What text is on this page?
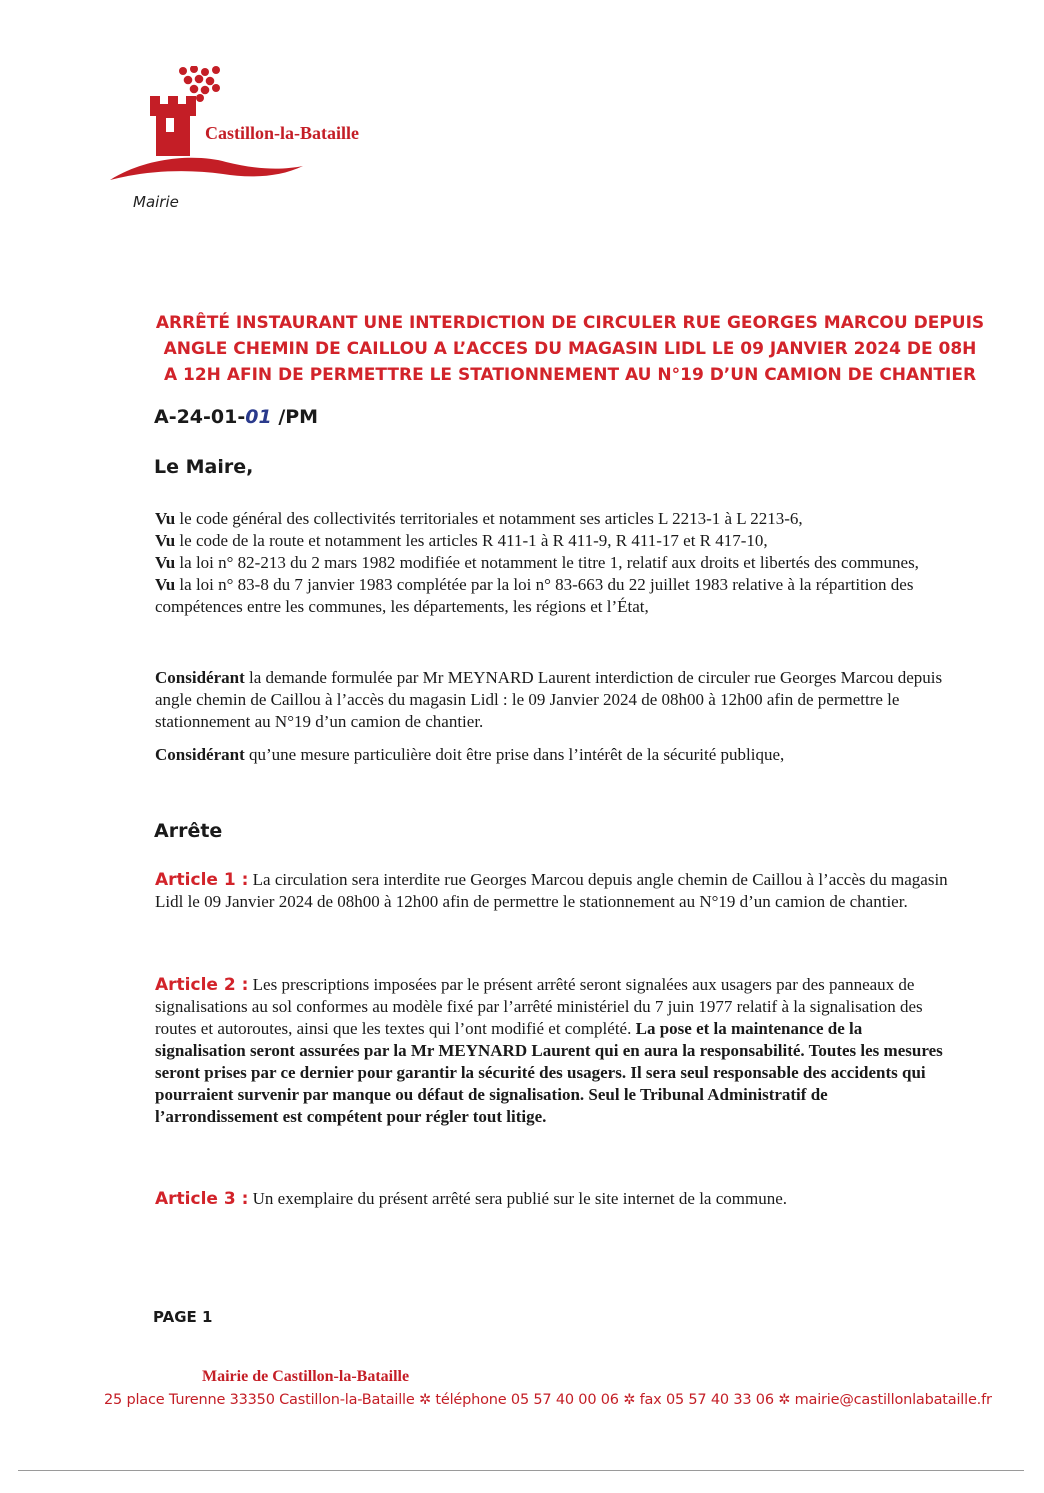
Castillon-la-Bataille
Mairie
ARRÊTÉ INSTAURANT UNE INTERDICTION DE CIRCULER RUE GEORGES MARCOU DEPUIS
ANGLE CHEMIN DE CAILLOU A L’ACCES DU MAGASIN LIDL LE 09 JANVIER 2024 DE 08H
A 12H AFIN DE PERMETTRE LE STATIONNEMENT AU N°19 D’UN CAMION DE CHANTIER
A-24-01-01 /PM
Le Maire,

Vu le code général des collectivités territoriales et notamment ses articles L 2213-1 à L 2213-6,

Vu le code de la route et notamment les articles R 411-1 à R 411-9, R 411-17 et R 417-10,

Vu la loi n° 82-213 du 2 mars 1982 modifiée et notamment le titre 1, relatif aux droits et libertés des communes,

Vu la loi n° 83-8 du 7 janvier 1983 complétée par la loi n° 83-663 du 22 juillet 1983 relative à la répartition des compétences entre les communes, les départements, les régions et l’État,

Considérant la demande formulée par Mr MEYNARD Laurent interdiction de circuler rue Georges Marcou depuis angle chemin de Caillou à l’accès du magasin Lidl : le 09 Janvier 2024 de 08h00 à 12h00 afin de permettre le stationnement au N°19 d’un camion de chantier.

Considérant qu’une mesure particulière doit être prise dans l’intérêt de la sécurité publique,

Arrête

Article 1 : La circulation sera interdite rue Georges Marcou depuis angle chemin de Caillou à l’accès du magasin Lidl le 09 Janvier 2024 de 08h00 à 12h00 afin de permettre le stationnement au N°19 d’un camion de chantier.

Article 2 : Les prescriptions imposées par le présent arrêté seront signalées aux usagers par des panneaux de signalisations au sol conformes au modèle fixé par l’arrêté ministériel du 7 juin 1977 relatif à la signalisation des routes et autoroutes, ainsi que les textes qui l’ont modifié et complété. La pose et la maintenance de la signalisation seront assurées par la Mr MEYNARD Laurent qui en aura la responsabilité. Toutes les mesures seront prises par ce dernier pour garantir la sécurité des usagers. Il sera seul responsable des accidents qui pourraient survenir par manque ou défaut de signalisation. Seul le Tribunal Administratif de l’arrondissement est compétent pour régler tout litige.

Article 3 : Un exemplaire du présent arrêté sera publié sur le site internet de la commune.

PAGE 1
Mairie de Castillon-la-Bataille
25 place Turenne 33350 Castillon-la-Bataille ✲ téléphone 05 57 40 00 06 ✲ fax 05 57 40 33 06 ✲ mairie@castillonlabataille.fr
